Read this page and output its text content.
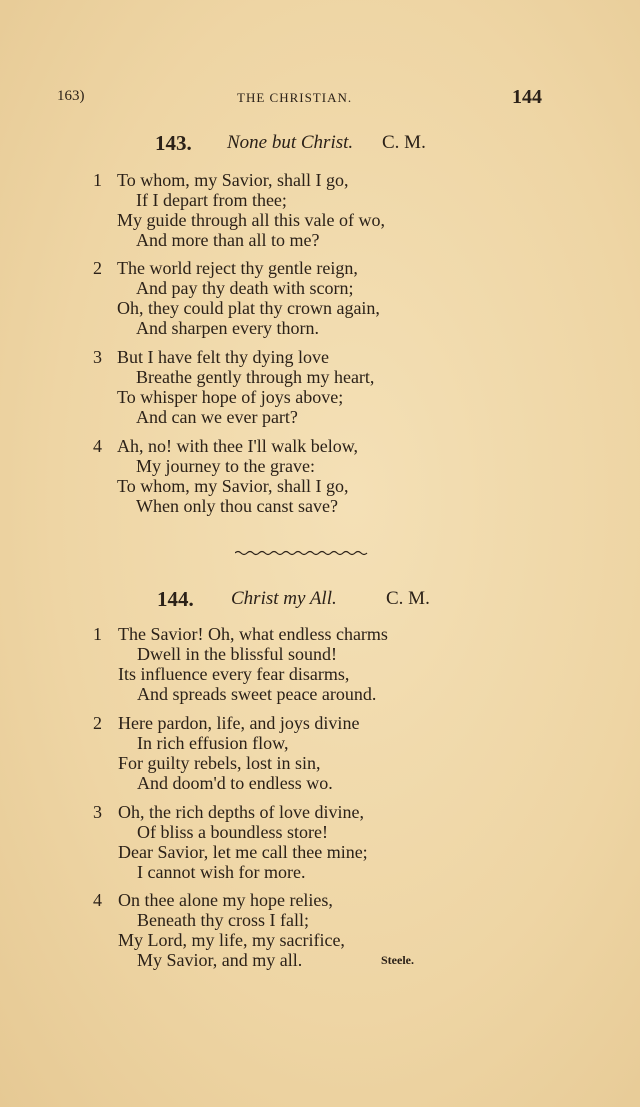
163)	THE CHRISTIAN.	144
143. None but Christ. C. M.
1 To whom, my Savior, shall I go,
If I depart from thee;
My guide through all this vale of wo,
And more than all to me?
2 The world reject thy gentle reign,
And pay thy death with scorn;
Oh, they could plat thy crown again,
And sharpen every thorn.
3 But I have felt thy dying love
Breathe gently through my heart,
To whisper hope of joys above;
And can we ever part?
4 Ah, no! with thee I'll walk below,
My journey to the grave:
To whom, my Savior, shall I go,
When only thou canst save?
144. Christ my All.	C. M.
1 The Savior! Oh, what endless charms
Dwell in the blissful sound!
Its influence every fear disarms,
And spreads sweet peace around.
2 Here pardon, life, and joys divine
In rich effusion flow,
For guilty rebels, lost in sin,
And doom'd to endless wo.
3 Oh, the rich depths of love divine,
Of bliss a boundless store!
Dear Savior, let me call thee mine;
I cannot wish for more.
4 On thee alone my hope relies,
Beneath thy cross I fall;
My Lord, my life, my sacrifice,
My Savior, and my all.	Steele.
